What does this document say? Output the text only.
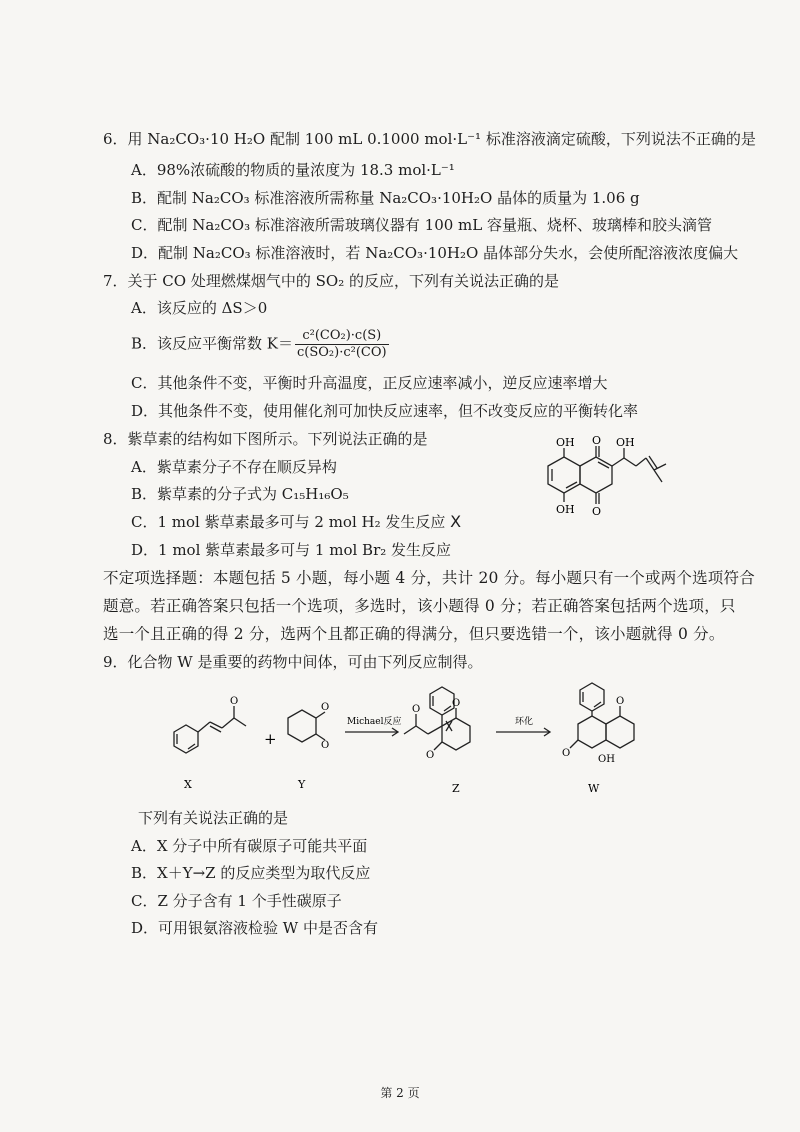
6．用 Na₂CO₃·10 H₂O 配制 100 mL 0.1000 mol·L⁻¹ 标准溶液滴定硫酸，下列说法不正确的是
A．98%浓硫酸的物质的量浓度为 18.3 mol·L⁻¹
B．配制 Na₂CO₃ 标准溶液所需称量 Na₂CO₃·10H₂O 晶体的质量为 1.06 g
C．配制 Na₂CO₃ 标准溶液所需玻璃仪器有 100 mL 容量瓶、烧杯、玻璃棒和胶头滴管
D．配制 Na₂CO₃ 标准溶液时，若 Na₂CO₃·10H₂O 晶体部分失水，会使所配溶液浓度偏大
7．关于 CO 处理燃煤烟气中的 SO₂ 的反应，下列有关说法正确的是
A．该反应的 ΔS＞0
B．该反应平衡常数 $K= \frac{\text{c²(CO₂)·c(S)}}{\text{c(SO₂)·c²(CO)}}$
C．其他条件不变，平衡时升高温度，正反应速率减小，逆反应速率增大
D．其他条件不变，使用催化剂可加快反应速率，但不改变反应的平衡转化率
8．紫草素的结构如下图所示。下列说法正确的是
A．紫草素分子不存在顺反异构
B．紫草素的分子式为 C₁₅H₁₆O₅
C．1 mol 紫草素最多可与 2 mol H₂ 发生反应 X
D．1 mol 紫草素最多可与 1 mol Br₂ 发生反应
OH O OH
OH O
不定项选择题：本题包括 5 小题，每小题 4 分，共计 20 分。每小题只有一个或两个选项符合
题意。若正确答案只包括一个选项，多选时，该小题得 0 分；若正确答案包括两个选项，只
选一个且正确的得 2 分，选两个且都正确的得满分，但只要选错一个，该小题就得 0 分。
9．化合物 W 是重要的药物中间体，可由下列反应制得。
O
O
O
O
O
O
O
O
OH
+
Michael反应	环化
X	Y	Z	W
下列有关说法正确的是
A．X 分子中所有碳原子可能共平面
B．X＋Y→Z 的反应类型为取代反应
C．Z 分子含有 1 个手性碳原子
D．可用银氨溶液检验 W 中是否含有
第 2 页
